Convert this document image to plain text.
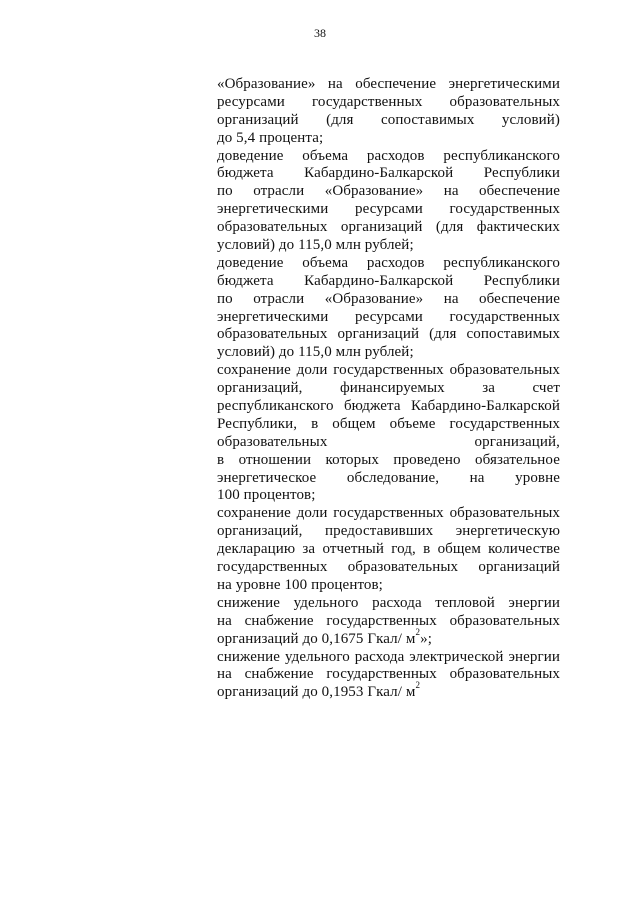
38
«Образование» на обеспечение энергетическими
ресурсами государственных образовательных
организаций (для сопоставимых условий)
до 5,4 процента;
доведение объема расходов республиканского
бюджета Кабардино-Балкарской Республики
по отрасли «Образование» на обеспечение
энергетическими ресурсами государственных
образовательных организаций (для фактических
условий) до 115,0 млн рублей;
доведение объема расходов республиканского
бюджета Кабардино-Балкарской Республики
по отрасли «Образование» на обеспечение
энергетическими ресурсами государственных
образовательных организаций (для сопоставимых
условий) до 115,0 млн рублей;
сохранение доли государственных образовательных
организаций, финансируемых за счет
республиканского бюджета Кабардино-Балкарской
Республики, в общем объеме государственных
образовательных	организаций,
в отношении которых проведено обязательное
энергетическое обследование, на уровне
100 процентов;
сохранение доли государственных образовательных
организаций, предоставивших энергетическую
декларацию за отчетный год, в общем количестве
государственных образовательных организаций
на уровне 100 процентов;
снижение удельного расхода тепловой энергии
на снабжение государственных образовательных
организаций до 0,1675 Гкал/ $м^2$»;
снижение удельного расхода электрической энергии
на снабжение государственных образовательных
организаций до 0,1953 Гкал/ $м^2$
